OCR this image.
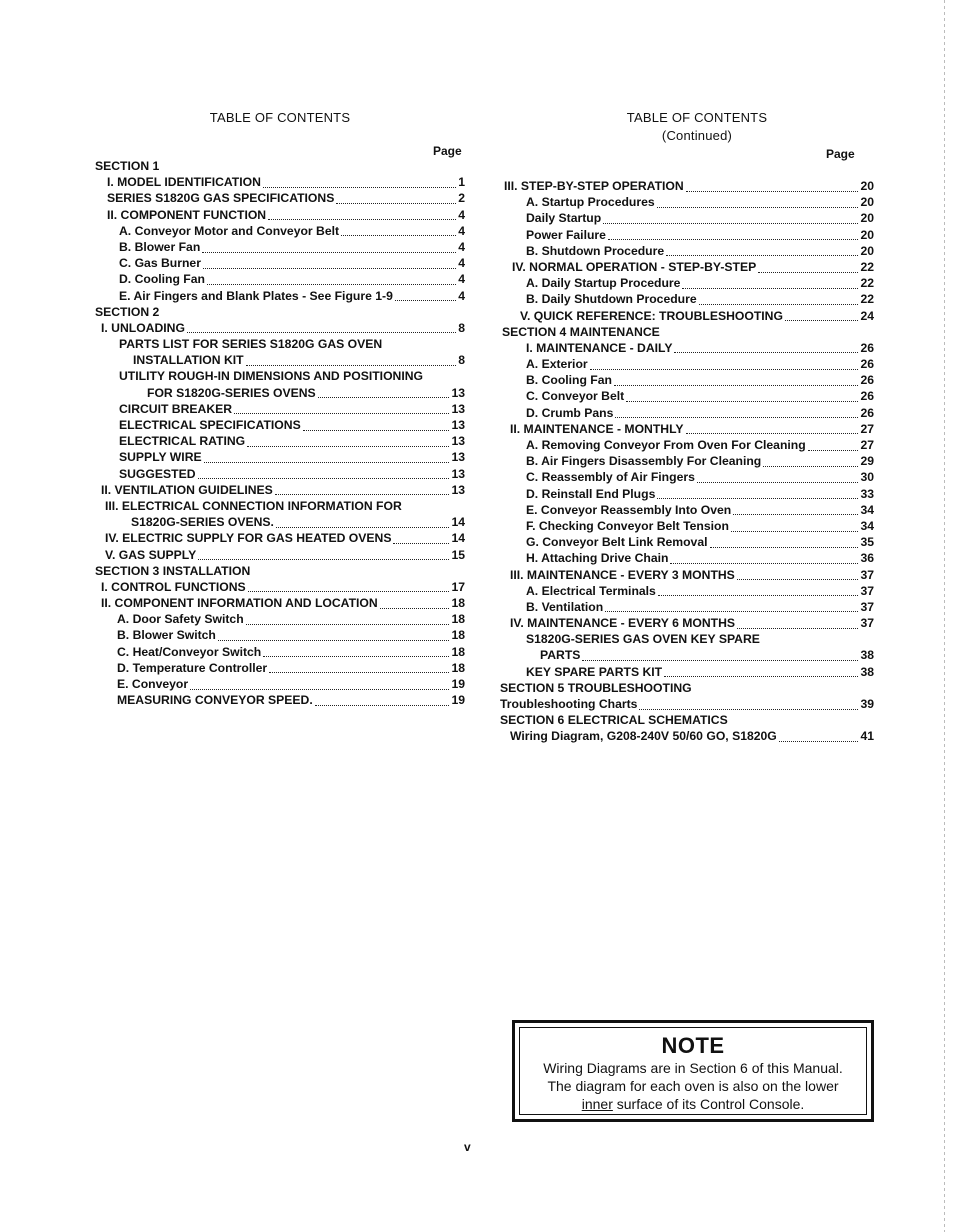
TABLE OF CONTENTS
Page
SECTION 1
I. MODEL IDENTIFICATION	1
SERIES S1820G GAS SPECIFICATIONS	2
II. COMPONENT FUNCTION	4
A. Conveyor Motor and Conveyor Belt	4
B. Blower Fan	4
C. Gas Burner	4
D. Cooling Fan	4
E. Air Fingers and Blank Plates - See Figure 1-9	4
SECTION 2
I. UNLOADING	8
PARTS LIST FOR SERIES S1820G GAS OVEN
INSTALLATION KIT	8
UTILITY ROUGH-IN DIMENSIONS AND POSITIONING
FOR S1820G-SERIES OVENS	13
CIRCUIT BREAKER	13
ELECTRICAL SPECIFICATIONS	13
ELECTRICAL RATING	13
SUPPLY WIRE	13
SUGGESTED	13
II. VENTILATION GUIDELINES	13
III. ELECTRICAL CONNECTION INFORMATION FOR
S1820G-SERIES OVENS.	14
IV. ELECTRIC SUPPLY FOR GAS HEATED OVENS	14
V. GAS SUPPLY	15
SECTION 3 INSTALLATION
I. CONTROL FUNCTIONS	17
II. COMPONENT INFORMATION AND LOCATION	18
A. Door Safety Switch	18
B. Blower Switch	18
C. Heat/Conveyor Switch	18
D. Temperature Controller	18
E. Conveyor	19
MEASURING CONVEYOR SPEED.	19
TABLE OF CONTENTS
(Continued)
Page
III. STEP-BY-STEP OPERATION	20
A. Startup Procedures	20
Daily Startup	20
Power Failure	20
B. Shutdown Procedure	20
IV. NORMAL OPERATION - STEP-BY-STEP	22
A. Daily Startup Procedure	22
B. Daily Shutdown Procedure	22
V. QUICK REFERENCE: TROUBLESHOOTING	24
SECTION 4 MAINTENANCE
I. MAINTENANCE - DAILY	26
A. Exterior	26
B. Cooling Fan	26
C. Conveyor Belt	26
D. Crumb Pans	26
II. MAINTENANCE - MONTHLY	27
A. Removing Conveyor From Oven For Cleaning	27
B. Air Fingers Disassembly For Cleaning	29
C. Reassembly of Air Fingers	30
D. Reinstall End Plugs	33
E. Conveyor Reassembly Into Oven	34
F. Checking Conveyor Belt Tension	34
G. Conveyor Belt Link Removal	35
H. Attaching Drive Chain	36
III. MAINTENANCE - EVERY 3 MONTHS	37
A. Electrical Terminals	37
B. Ventilation	37
IV. MAINTENANCE - EVERY 6 MONTHS	37
S1820G-SERIES GAS OVEN KEY SPARE
PARTS	38
KEY SPARE PARTS KIT	38
SECTION 5 TROUBLESHOOTING
Troubleshooting Charts	39
SECTION 6 ELECTRICAL SCHEMATICS
Wiring Diagram, G208-240V 50/60 GO, S1820G	41
NOTE
Wiring Diagrams are in Section 6 of this Manual.
The diagram for each oven is also on the lower
inner surface of its Control Console.
v
